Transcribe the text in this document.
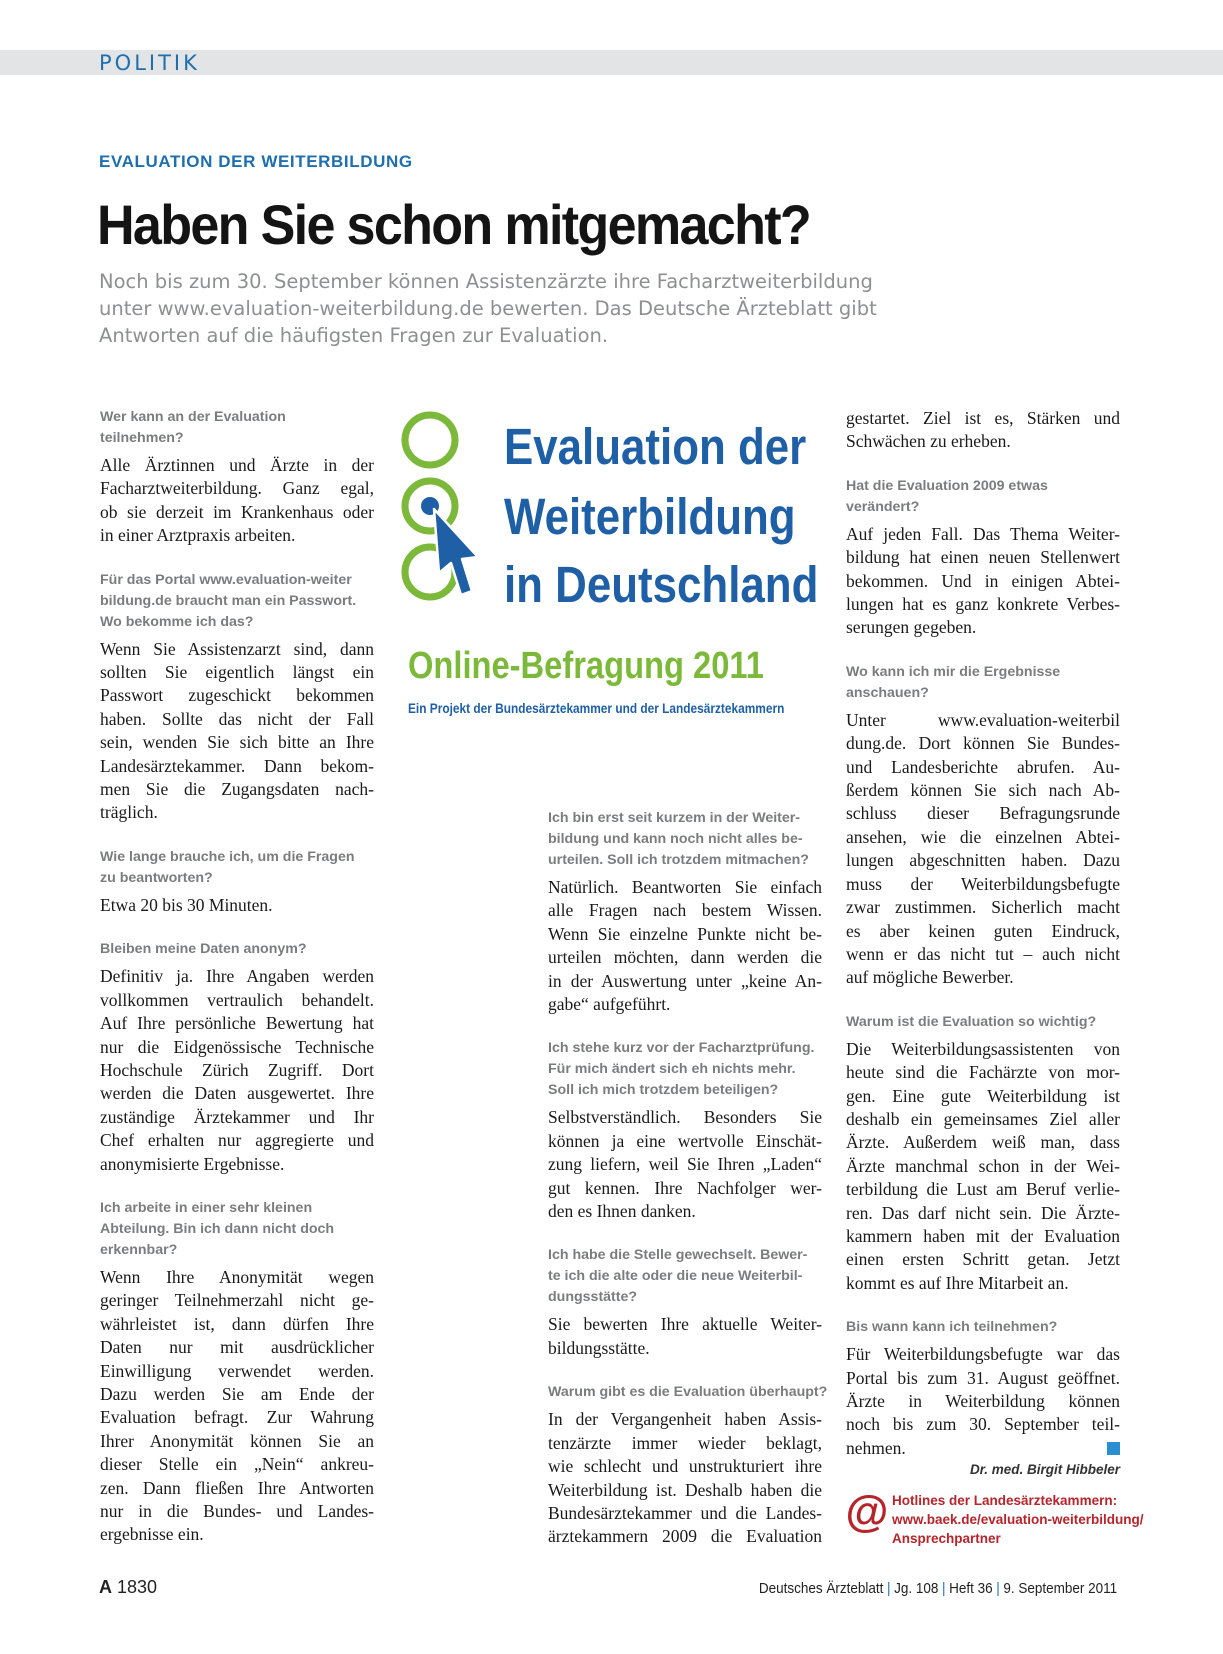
POLITIK
EVALUATION DER WEITERBILDUNG
Haben Sie schon mitgemacht?
Noch bis zum 30. September können Assistenzärzte ihre Facharztweiterbildung
unter www.evaluation-weiterbildung.de bewerten. Das Deutsche Ärzteblatt gibt
Antworten auf die häufigsten Fragen zur Evaluation.
Evaluation der
Weiterbildung
in Deutschland
Online-Befragung 2011
Ein Projekt der Bundesärztekammer und der Landesärztekammern
Wer kann an der Evaluation
teilnehmen?
Alle Ärztinnen und Ärzte in der
Facharztweiterbildung. Ganz egal,
ob sie derzeit im Krankenhaus oder
in einer Arztpraxis arbeiten.
Für das Portal www.evaluation-weiter
bildung.de braucht man ein Passwort.
Wo bekomme ich das?
Wenn Sie Assistenzarzt sind, dann
sollten Sie eigentlich längst ein
Passwort zugeschickt bekommen
haben. Sollte das nicht der Fall
sein, wenden Sie sich bitte an Ihre
Landesärztekammer. Dann bekom-
men Sie die Zugangsdaten nach-
träglich.
Wie lange brauche ich, um die Fragen
zu beantworten?
Etwa 20 bis 30 Minuten.
Bleiben meine Daten anonym?
Definitiv ja. Ihre Angaben werden
vollkommen vertraulich behandelt.
Auf Ihre persönliche Bewertung hat
nur die Eidgenössische Technische
Hochschule Zürich Zugriff. Dort
werden die Daten ausgewertet. Ihre
zuständige Ärztekammer und Ihr
Chef erhalten nur aggregierte und
anonymisierte Ergebnisse.
Ich arbeite in einer sehr kleinen
Abteilung. Bin ich dann nicht doch
erkennbar?
Wenn Ihre Anonymität wegen
geringer Teilnehmerzahl nicht ge-
währleistet ist, dann dürfen Ihre
Daten nur mit ausdrücklicher
Einwilligung verwendet werden.
Dazu werden Sie am Ende der
Evaluation befragt. Zur Wahrung
Ihrer Anonymität können Sie an
dieser Stelle ein „Nein“ ankreu-
zen. Dann fließen Ihre Antworten
nur in die Bundes- und Landes-
ergebnisse ein.
Ich bin erst seit kurzem in der Weiter-
bildung und kann noch nicht alles be-
urteilen. Soll ich trotzdem mitmachen?
Natürlich. Beantworten Sie einfach
alle Fragen nach bestem Wissen.
Wenn Sie einzelne Punkte nicht be-
urteilen möchten, dann werden die
in der Auswertung unter „keine An-
gabe“ aufgeführt.
Ich stehe kurz vor der Facharztprüfung.
Für mich ändert sich eh nichts mehr.
Soll ich mich trotzdem beteiligen?
Selbstverständlich. Besonders Sie
können ja eine wertvolle Einschät-
zung liefern, weil Sie Ihren „Laden“
gut kennen. Ihre Nachfolger wer-
den es Ihnen danken.
Ich habe die Stelle gewechselt. Bewer-
te ich die alte oder die neue Weiterbil-
dungsstätte?
Sie bewerten Ihre aktuelle Weiter-
bildungsstätte.
Warum gibt es die Evaluation überhaupt?
In der Vergangenheit haben Assis-
tenzärzte immer wieder beklagt,
wie schlecht und unstrukturiert ihre
Weiterbildung ist. Deshalb haben die
Bundesärztekammer und die Landes-
ärztekammern 2009 die Evaluation
gestartet. Ziel ist es, Stärken und
Schwächen zu erheben.
Hat die Evaluation 2009 etwas
verändert?
Auf jeden Fall. Das Thema Weiter-
bildung hat einen neuen Stellenwert
bekommen. Und in einigen Abtei-
lungen hat es ganz konkrete Verbes-
serungen gegeben.
Wo kann ich mir die Ergebnisse
anschauen?
Unter www.evaluation-weiterbil
dung.de. Dort können Sie Bundes-
und Landesberichte abrufen. Au-
ßerdem können Sie sich nach Ab-
schluss dieser Befragungsrunde
ansehen, wie die einzelnen Abtei-
lungen abgeschnitten haben. Dazu
muss der Weiterbildungsbefugte
zwar zustimmen. Sicherlich macht
es aber keinen guten Eindruck,
wenn er das nicht tut – auch nicht
auf mögliche Bewerber.
Warum ist die Evaluation so wichtig?
Die Weiterbildungsassistenten von
heute sind die Fachärzte von mor-
gen. Eine gute Weiterbildung ist
deshalb ein gemeinsames Ziel aller
Ärzte. Außerdem weiß man, dass
Ärzte manchmal schon in der Wei-
terbildung die Lust am Beruf verlie-
ren. Das darf nicht sein. Die Ärzte-
kammern haben mit der Evaluation
einen ersten Schritt getan. Jetzt
kommt es auf Ihre Mitarbeit an.
Bis wann kann ich teilnehmen?
Für Weiterbildungsbefugte war das
Portal bis zum 31. August geöffnet.
Ärzte in Weiterbildung können
noch bis zum 30. September teil-
nehmen.
Dr. med. Birgit Hibbeler
@ Hotlines der Landesärztekammern:
www.baek.de/evaluation-weiterbildung/
Ansprechpartner
A 1830	Deutsches Ärzteblatt | Jg. 108 | Heft 36 | 9. September 2011
